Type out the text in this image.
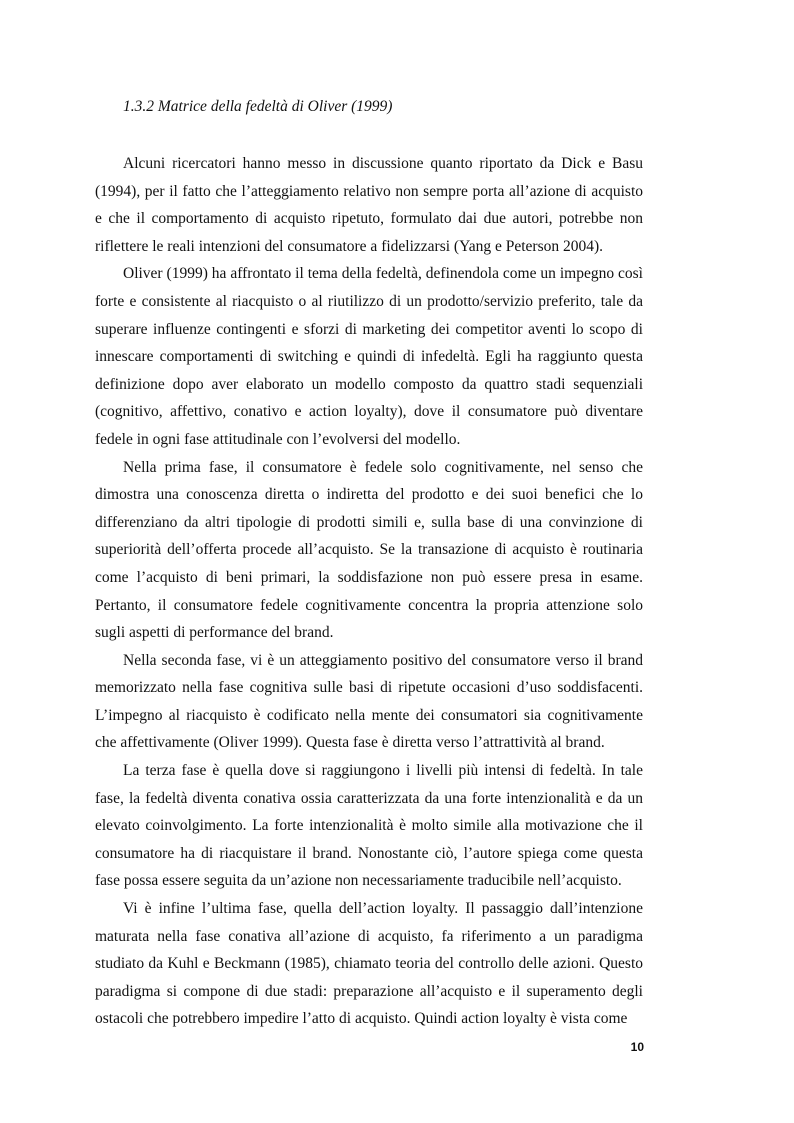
1.3.2 Matrice della fedeltà di Oliver (1999)

Alcuni ricercatori hanno messo in discussione quanto riportato da Dick e Basu (1994), per il fatto che l’atteggiamento relativo non sempre porta all’azione di acquisto e che il comportamento di acquisto ripetuto, formulato dai due autori, potrebbe non riflettere le reali intenzioni del consumatore a fidelizzarsi (Yang e Peterson 2004).

Oliver (1999) ha affrontato il tema della fedeltà, definendola come un impegno così forte e consistente al riacquisto o al riutilizzo di un prodotto/servizio preferito, tale da superare influenze contingenti e sforzi di marketing dei competitor aventi lo scopo di innescare comportamenti di switching e quindi di infedeltà. Egli ha raggiunto questa definizione dopo aver elaborato un modello composto da quattro stadi sequenziali (cognitivo, affettivo, conativo e action loyalty), dove il consumatore può diventare fedele in ogni fase attitudinale con l’evolversi del modello.

Nella prima fase, il consumatore è fedele solo cognitivamente, nel senso che dimostra una conoscenza diretta o indiretta del prodotto e dei suoi benefici che lo differenziano da altri tipologie di prodotti simili e, sulla base di una convinzione di superiorità dell’offerta procede all’acquisto. Se la transazione di acquisto è routinaria come l’acquisto di beni primari, la soddisfazione non può essere presa in esame. Pertanto, il consumatore fedele cognitivamente concentra la propria attenzione solo sugli aspetti di performance del brand.

Nella seconda fase, vi è un atteggiamento positivo del consumatore verso il brand memorizzato nella fase cognitiva sulle basi di ripetute occasioni d’uso soddisfacenti. L’impegno al riacquisto è codificato nella mente dei consumatori sia cognitivamente che affettivamente (Oliver 1999). Questa fase è diretta verso l’attrattività al brand.

La terza fase è quella dove si raggiungono i livelli più intensi di fedeltà. In tale fase, la fedeltà diventa conativa ossia caratterizzata da una forte intenzionalità e da un elevato coinvolgimento. La forte intenzionalità è molto simile alla motivazione che il consumatore ha di riacquistare il brand. Nonostante ciò, l’autore spiega come questa fase possa essere seguita da un’azione non necessariamente traducibile nell’acquisto.

Vi è infine l’ultima fase, quella dell’action loyalty. Il passaggio dall’intenzione maturata nella fase conativa all’azione di acquisto, fa riferimento a un paradigma studiato da Kuhl e Beckmann (1985), chiamato teoria del controllo delle azioni. Questo paradigma si compone di due stadi: preparazione all’acquisto e il superamento degli ostacoli che potrebbero impedire l’atto di acquisto. Quindi action loyalty è vista come

10
